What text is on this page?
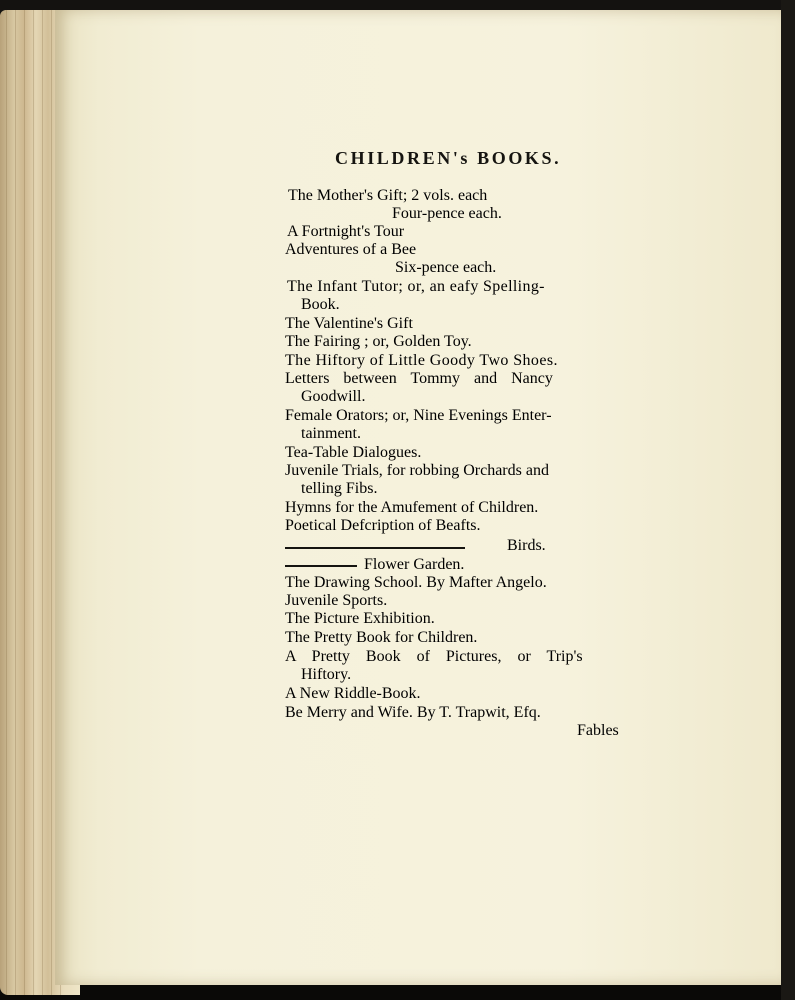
CHILDREN's BOOKS.
The Mother's Gift; 2 vols. each
Four-pence each.
A Fortnight's Tour
Adventures of a Bee
Six-pence each.
The Infant Tutor; or, an eafy Spelling-
Book.
The Valentine's Gift
The Fairing ; or, Golden Toy.
The Hiftory of Little Goody Two Shoes.
Letters between Tommy and Nancy
Goodwill.
Female Orators; or, Nine Evenings Enter-
tainment.
Tea-Table Dialogues.
Juvenile Trials, for robbing Orchards and
telling Fibs.
Hymns for the Amufement of Children.
Poetical Defcription of Beafts.
Birds.
Flower Garden.
The Drawing School. By Mafter Angelo.
Juvenile Sports.
The Picture Exhibition.
The Pretty Book for Children.
A Pretty Book of Pictures, or Trip's
Hiftory.
A New Riddle-Book.
Be Merry and Wife. By T. Trapwit, Efq.
Fables
